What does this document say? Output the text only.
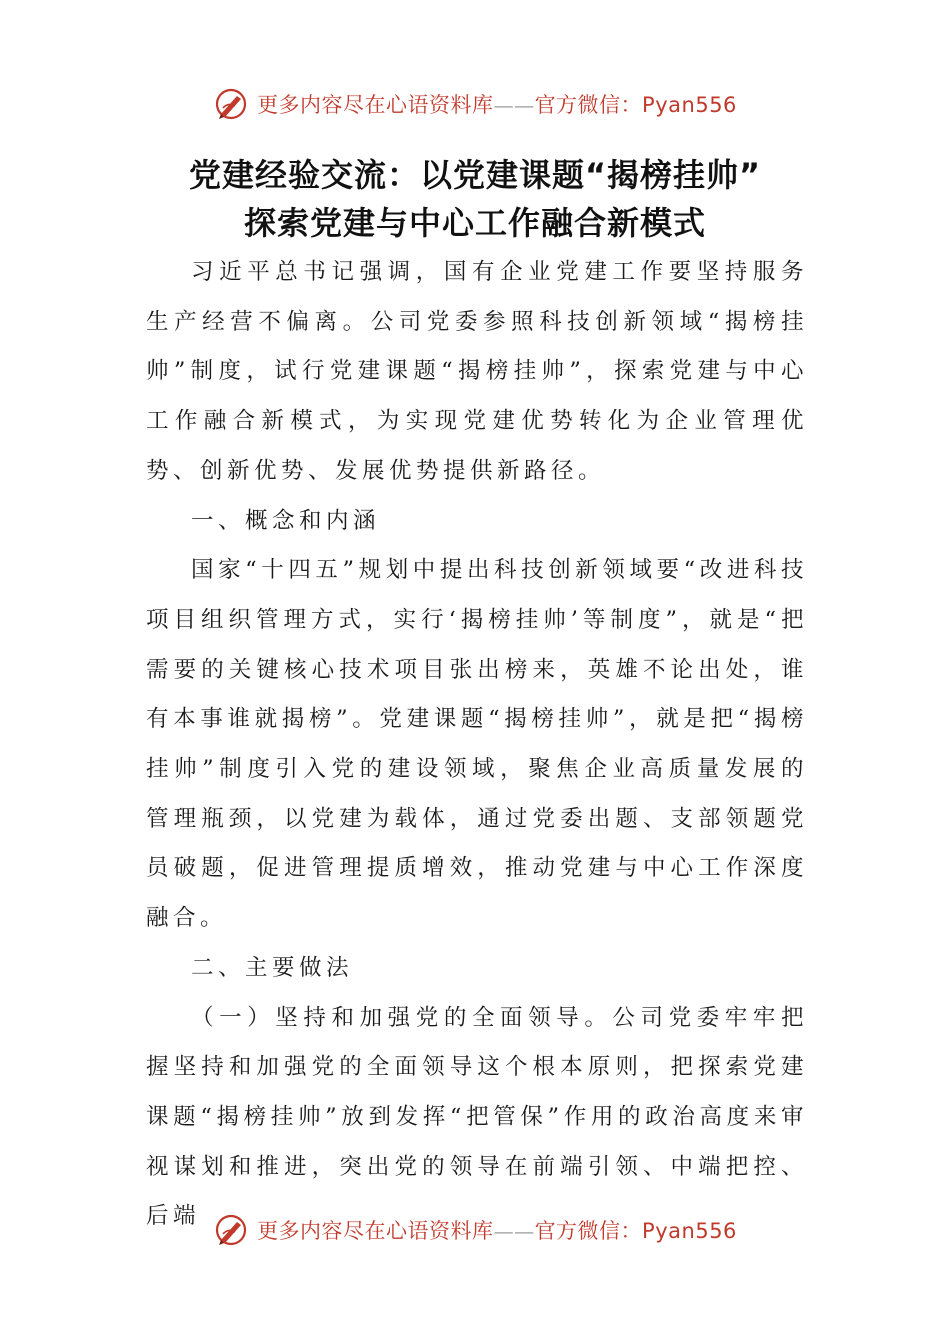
更多内容尽在心语资料库——官方微信：Pyan556
党建经验交流：以党建课题“揭榜挂帅”
探索党建与中心工作融合新模式

习近平总书记强调，国有企业党建工作要坚持服务生产经营不偏离。公司党委参照科技创新领域“揭榜挂帅”制度，试行党建课题“揭榜挂帅”，探索党建与中心工作融合新模式，为实现党建优势转化为企业管理优势、创新优势、发展优势提供新路径。

一、概念和内涵

国家“十四五”规划中提出科技创新领域要“改进科技项目组织管理方式，实行‘揭榜挂帅’等制度”，就是“把需要的关键核心技术项目张出榜来，英雄不论出处，谁有本事谁就揭榜”。党建课题“揭榜挂帅”，就是把“揭榜挂帅”制度引入党的建设领域，聚焦企业高质量发展的管理瓶颈，以党建为载体，通过党委出题、支部领题党员破题，促进管理提质增效，推动党建与中心工作深度融合。

二、主要做法

（一）坚持和加强党的全面领导。公司党委牢牢把握坚持和加强党的全面领导这个根本原则，把探索党建课题“揭榜挂帅”放到发挥“把管保”作用的政治高度来审视谋划和推进，突出党的领导在前端引领、中端把控、后端

更多内容尽在心语资料库——官方微信：Pyan556
